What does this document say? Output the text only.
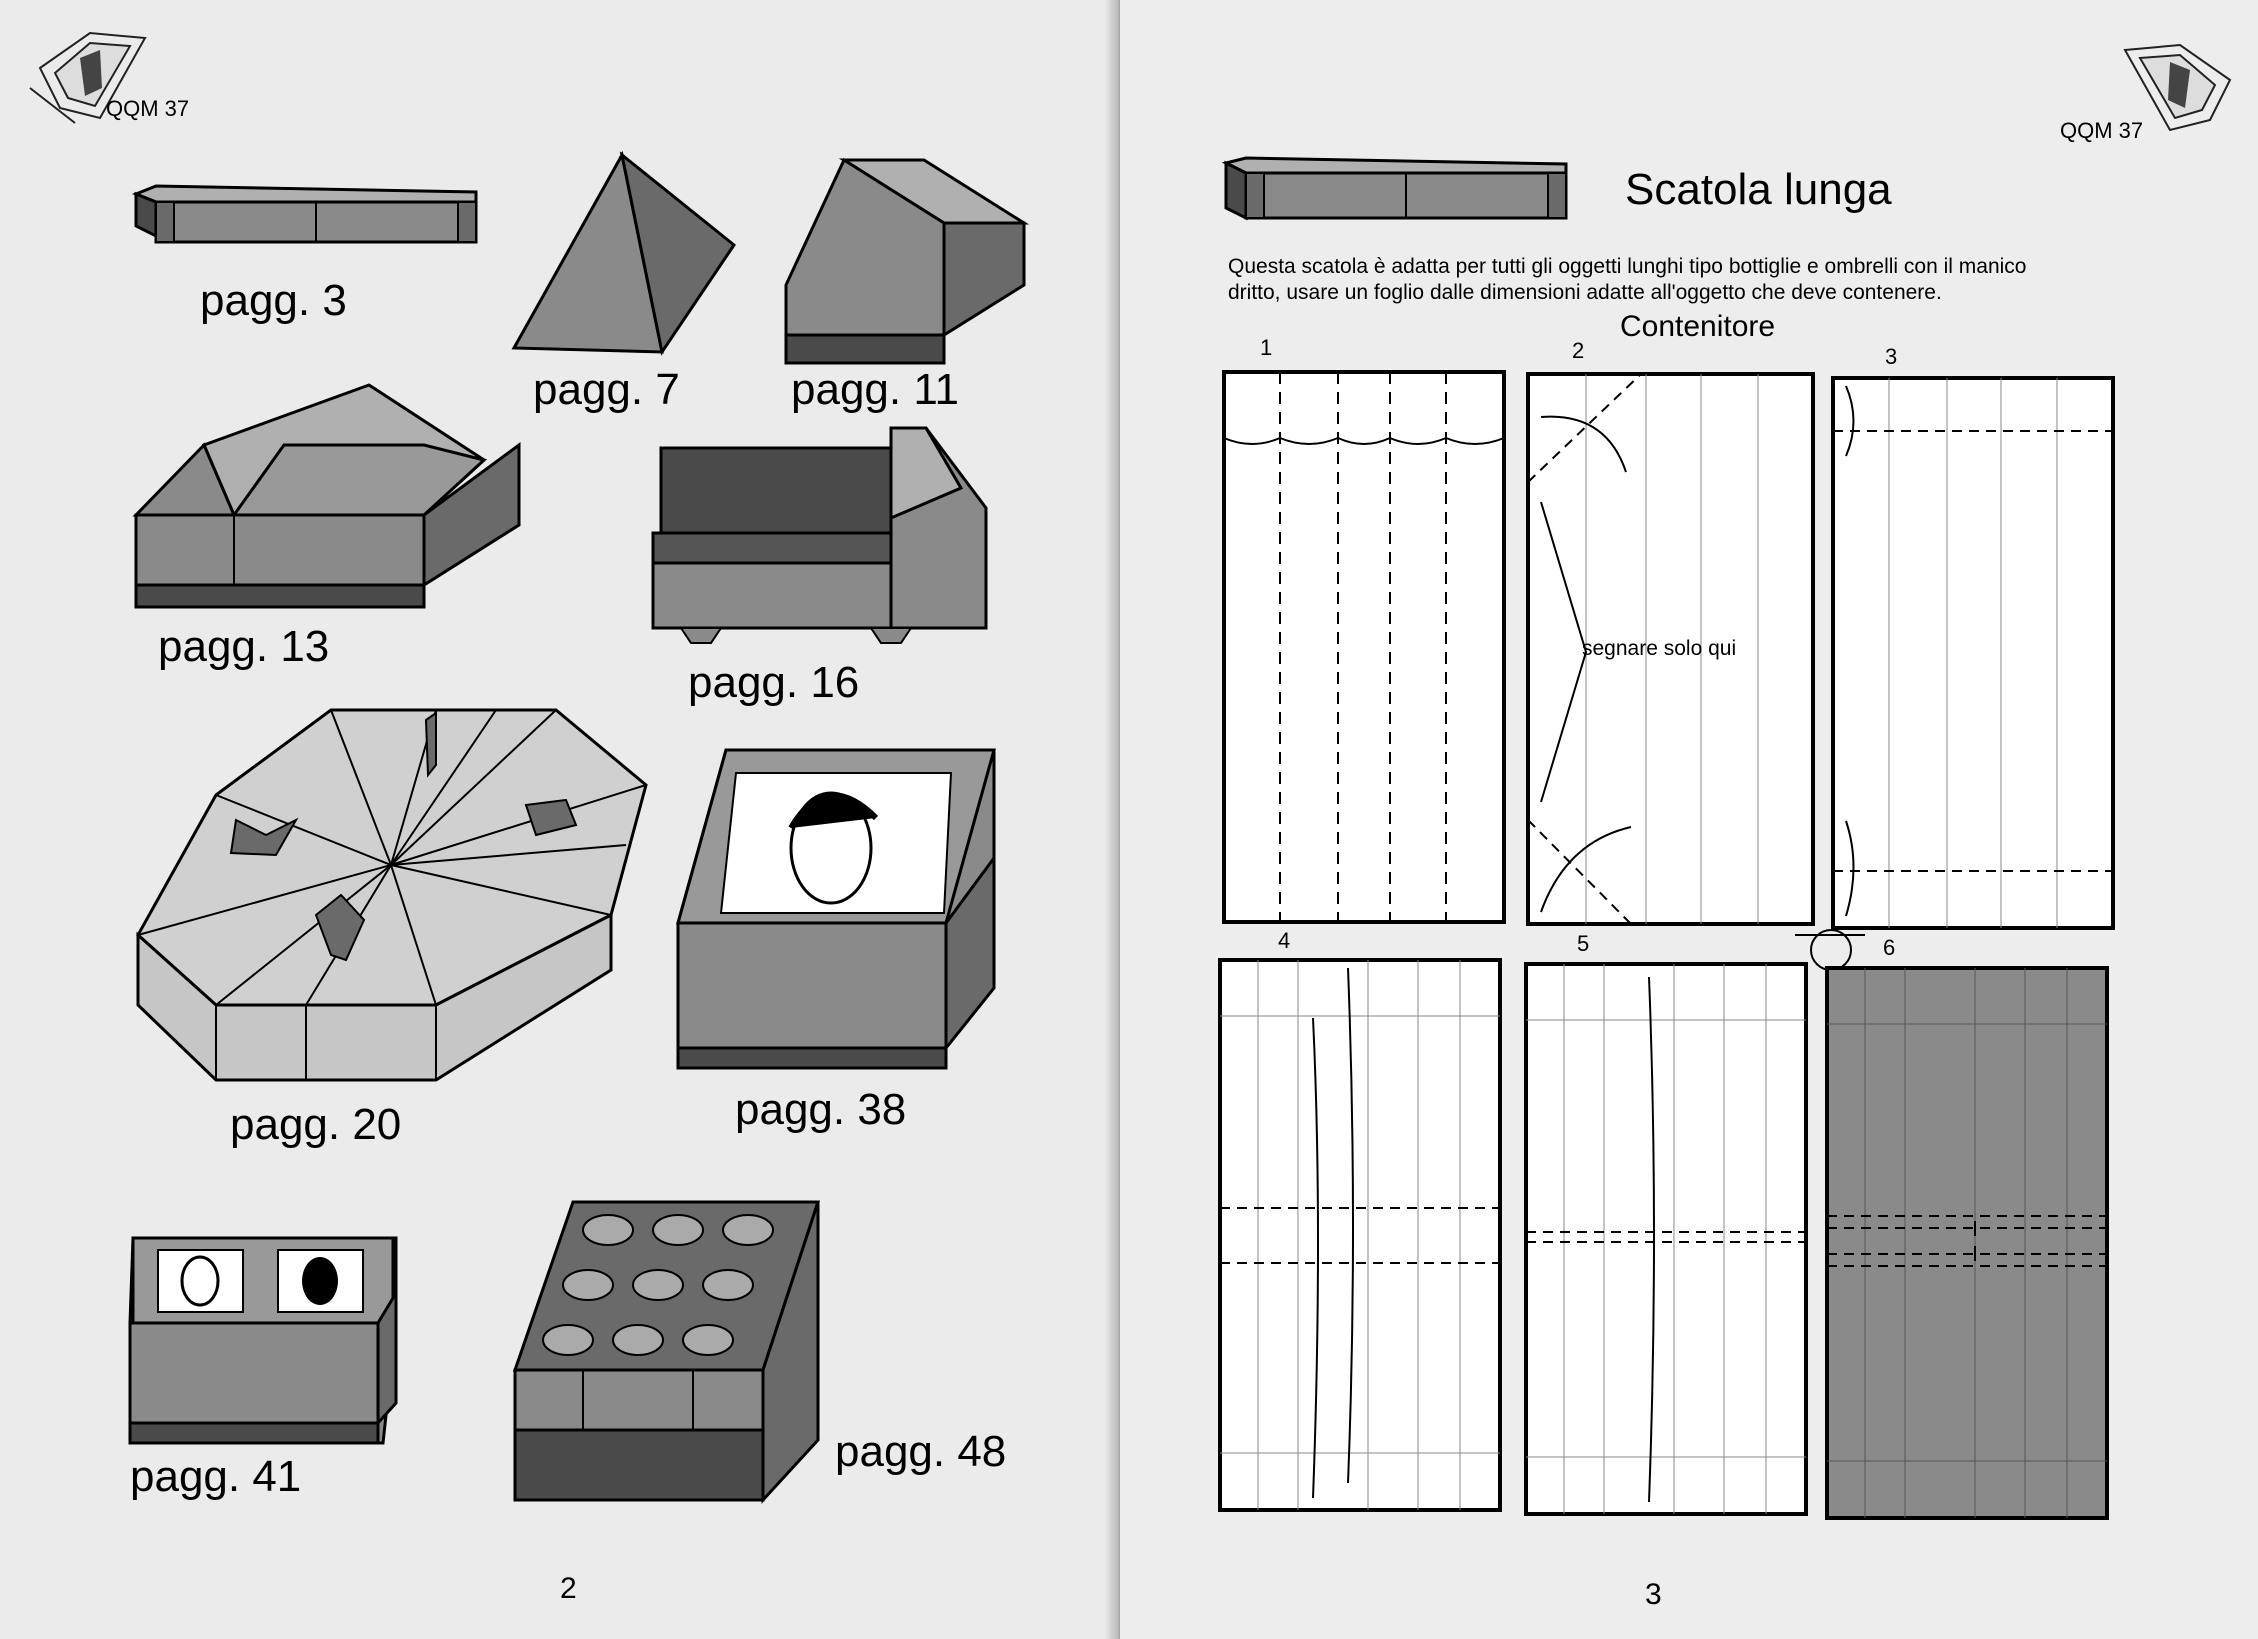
QQM 37
pagg. 3
pagg. 7	pagg. 11
pagg. 13
pagg. 16
pagg. 20	pagg. 38
pagg. 41
pagg. 48
2
QQM 37
Scatola lunga
Questa scatola è adatta per tutti gli oggetti lunghi tipo bottiglie e ombrelli con il manico
dritto, usare un foglio dalle dimensioni adatte all'oggetto che deve contenere.
Contenitore
1	2	3
4	5	6
segnare solo qui
3
